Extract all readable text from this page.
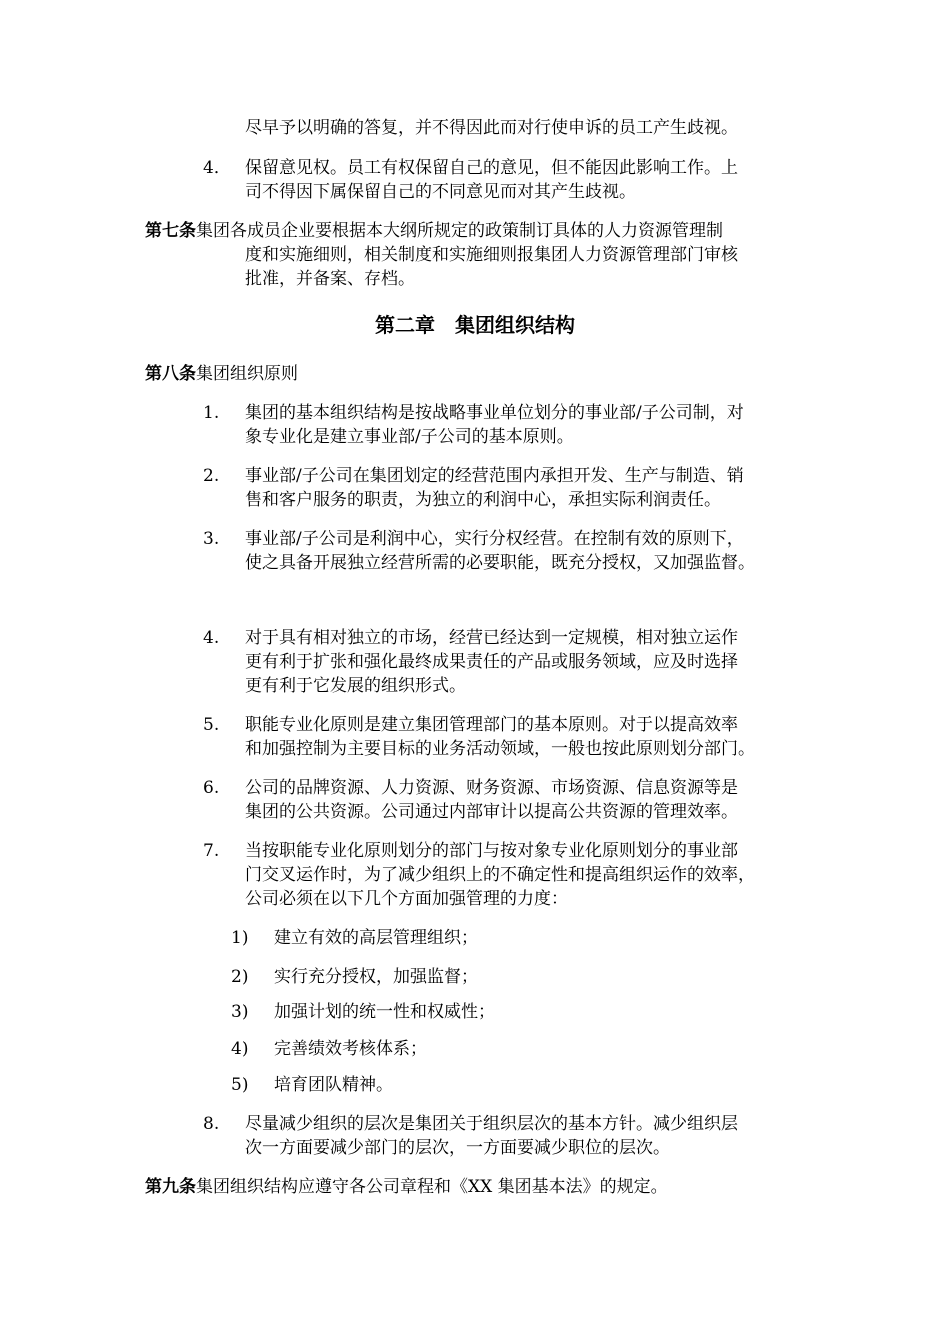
尽早予以明确的答复，并不得因此而对行使申诉的员工产生歧视。
4． 保留意见权。员工有权保留自己的意见，但不能因此影响工作。上
司不得因下属保留自己的不同意见而对其产生歧视。
第七条集团各成员企业要根据本大纲所规定的政策制订具体的人力资源管理制
度和实施细则，相关制度和实施细则报集团人力资源管理部门审核
批准，并备案、存档。
第二章　集团组织结构
第八条集团组织原则
1. 集团的基本组织结构是按战略事业单位划分的事业部/子公司制，对
象专业化是建立事业部/子公司的基本原则。
2. 事业部/子公司在集团划定的经营范围内承担开发、生产与制造、销
售和客户服务的职责，为独立的利润中心，承担实际利润责任。
3. 事业部/子公司是利润中心，实行分权经营。在控制有效的原则下，
使之具备开展独立经营所需的必要职能，既充分授权，又加强监督。
4. 对于具有相对独立的市场，经营已经达到一定规模，相对独立运作
更有利于扩张和强化最终成果责任的产品或服务领域，应及时选择
更有利于它发展的组织形式。
5. 职能专业化原则是建立集团管理部门的基本原则。对于以提高效率
和加强控制为主要目标的业务活动领域，一般也按此原则划分部门。
6. 公司的品牌资源、人力资源、财务资源、市场资源、信息资源等是
集团的公共资源。公司通过内部审计以提高公共资源的管理效率。
7. 当按职能专业化原则划分的部门与按对象专业化原则划分的事业部
门交叉运作时，为了减少组织上的不确定性和提高组织运作的效率，
公司必须在以下几个方面加强管理的力度：
1) 建立有效的高层管理组织；
2) 实行充分授权，加强监督；
3) 加强计划的统一性和权威性；
4) 完善绩效考核体系；
5) 培育团队精神。
8. 尽量减少组织的层次是集团关于组织层次的基本方针。减少组织层
次一方面要减少部门的层次，一方面要减少职位的层次。
第九条集团组织结构应遵守各公司章程和《XX 集团基本法》的规定。
